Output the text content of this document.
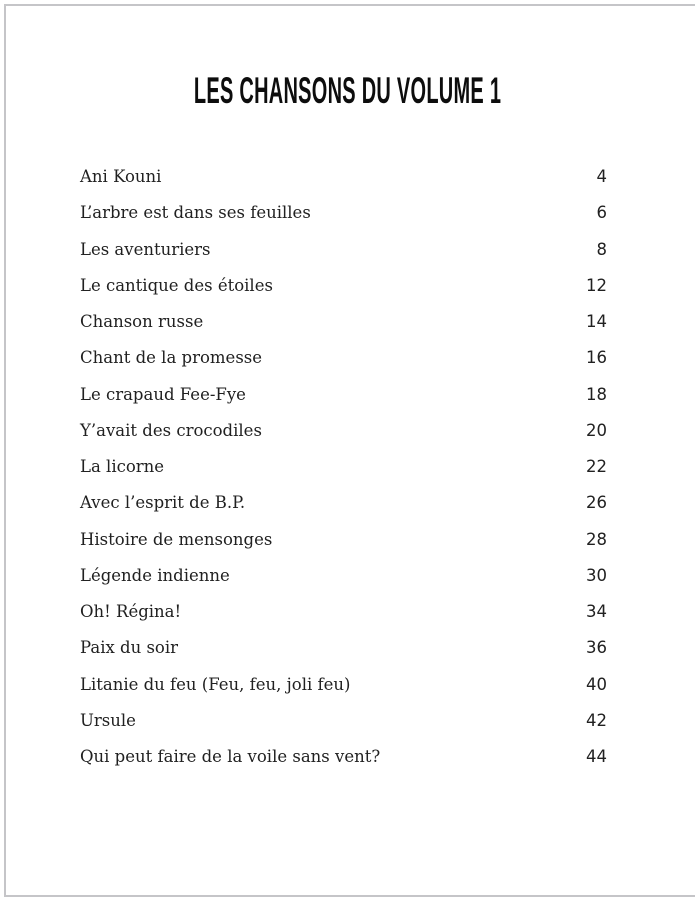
LES CHANSONS DU VOLUME 1
Ani Kouni	4
L’arbre est dans ses feuilles	6
Les aventuriers	8
Le cantique des étoiles	12
Chanson russe	14
Chant de la promesse	16
Le crapaud Fee-Fye	18
Y’avait des crocodiles	20
La licorne	22
Avec l’esprit de B.P.	26
Histoire de mensonges	28
Légende indienne	30
Oh! Régina!	34
Paix du soir	36
Litanie du feu (Feu, feu, joli feu)	40
Ursule	42
Qui peut faire de la voile sans vent?	44
